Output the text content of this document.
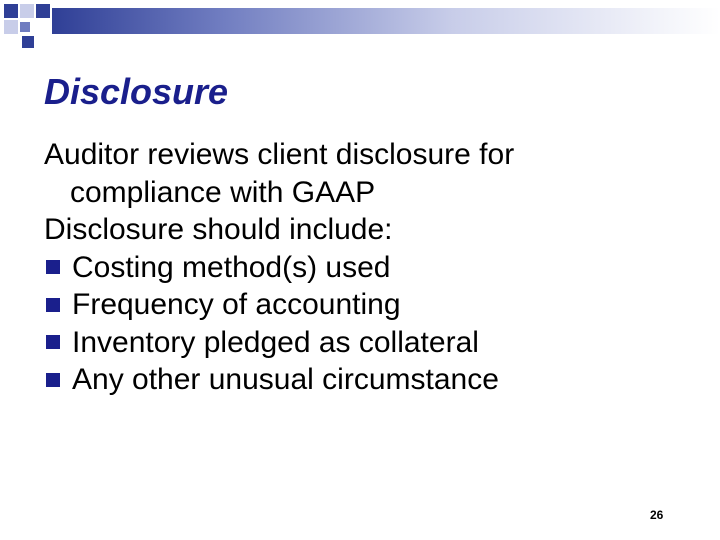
Disclosure
Auditor reviews client disclosure for
compliance with GAAP
Disclosure should include:
Costing method(s) used
Frequency of accounting
Inventory pledged as collateral
Any other unusual circumstance
26
